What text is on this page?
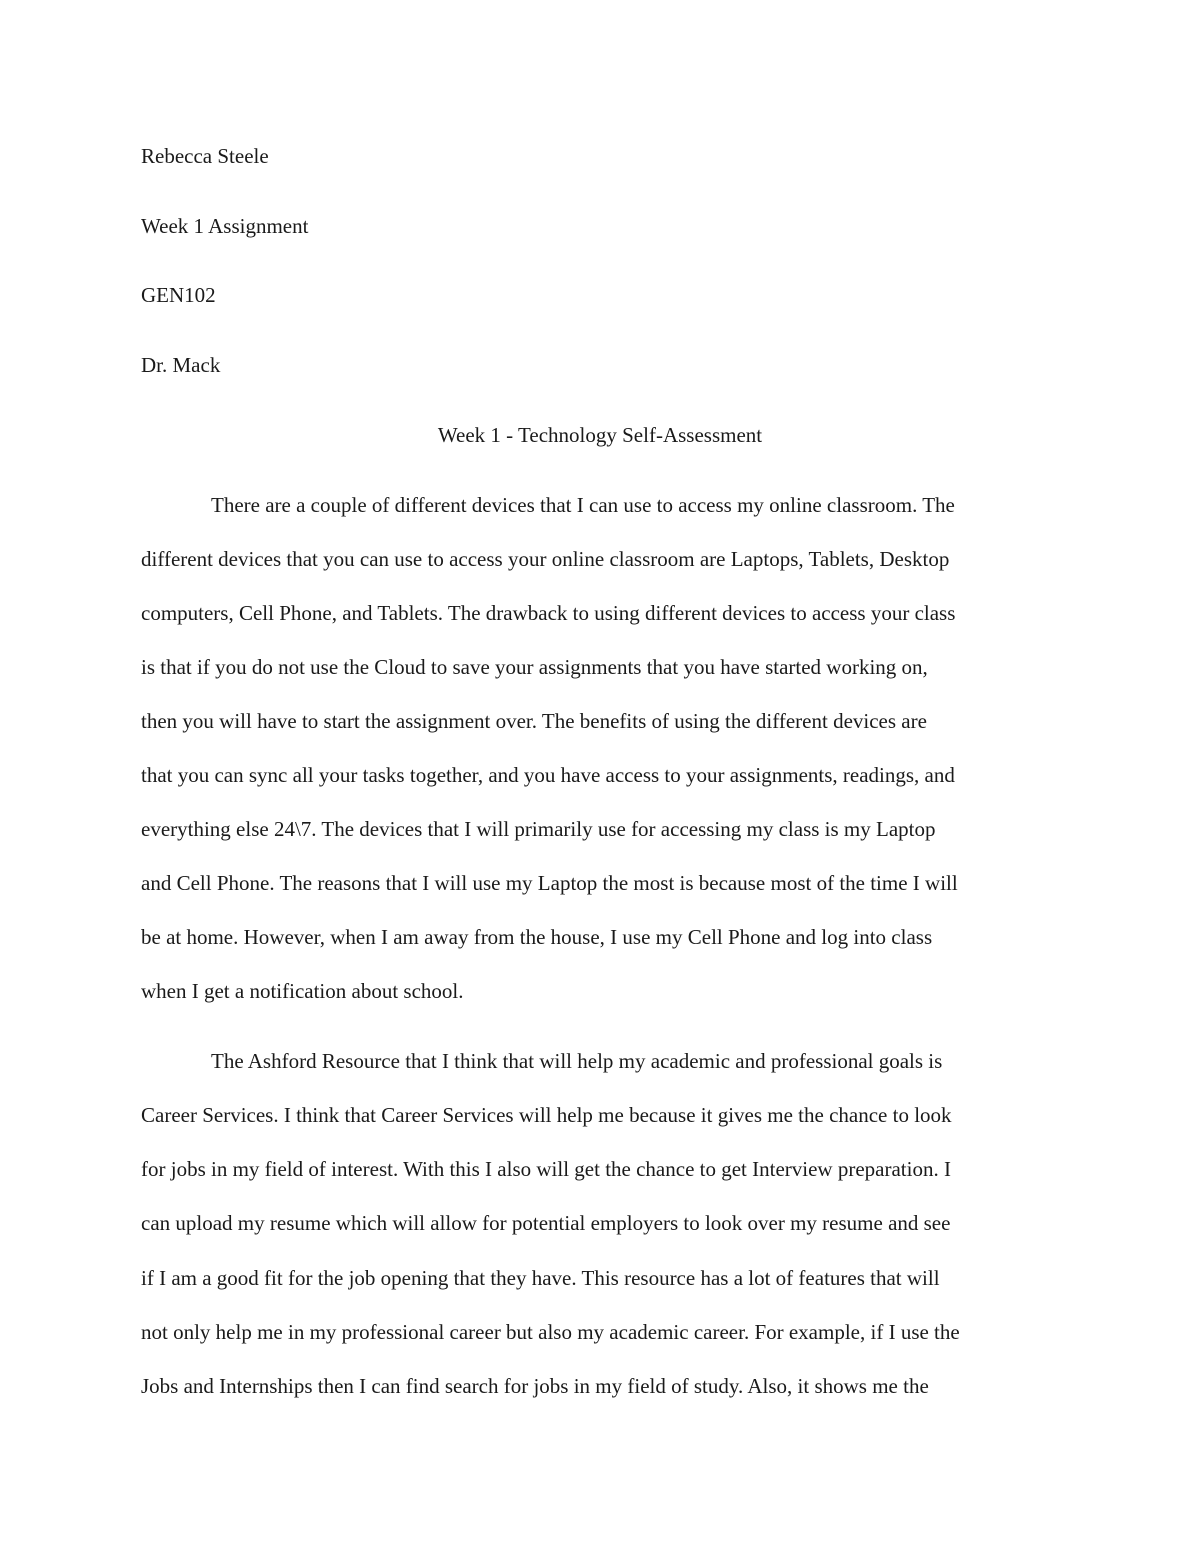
Rebecca Steele
Week 1 Assignment
GEN102
Dr. Mack
Week 1 - Technology Self-Assessment
There are a couple of different devices that I can use to access my online classroom. The
different devices that you can use to access your online classroom are Laptops, Tablets, Desktop
computers, Cell Phone, and Tablets. The drawback to using different devices to access your class
is that if you do not use the Cloud to save your assignments that you have started working on,
then you will have to start the assignment over. The benefits of using the different devices are
that you can sync all your tasks together, and you have access to your assignments, readings, and
everything else 24\7. The devices that I will primarily use for accessing my class is my Laptop
and Cell Phone. The reasons that I will use my Laptop the most is because most of the time I will
be at home. However, when I am away from the house, I use my Cell Phone and log into class
when I get a notification about school.
The Ashford Resource that I think that will help my academic and professional goals is
Career Services. I think that Career Services will help me because it gives me the chance to look
for jobs in my field of interest. With this I also will get the chance to get Interview preparation. I
can upload my resume which will allow for potential employers to look over my resume and see
if I am a good fit for the job opening that they have. This resource has a lot of features that will
not only help me in my professional career but also my academic career. For example, if I use the
Jobs and Internships then I can find search for jobs in my field of study. Also, it shows me the
